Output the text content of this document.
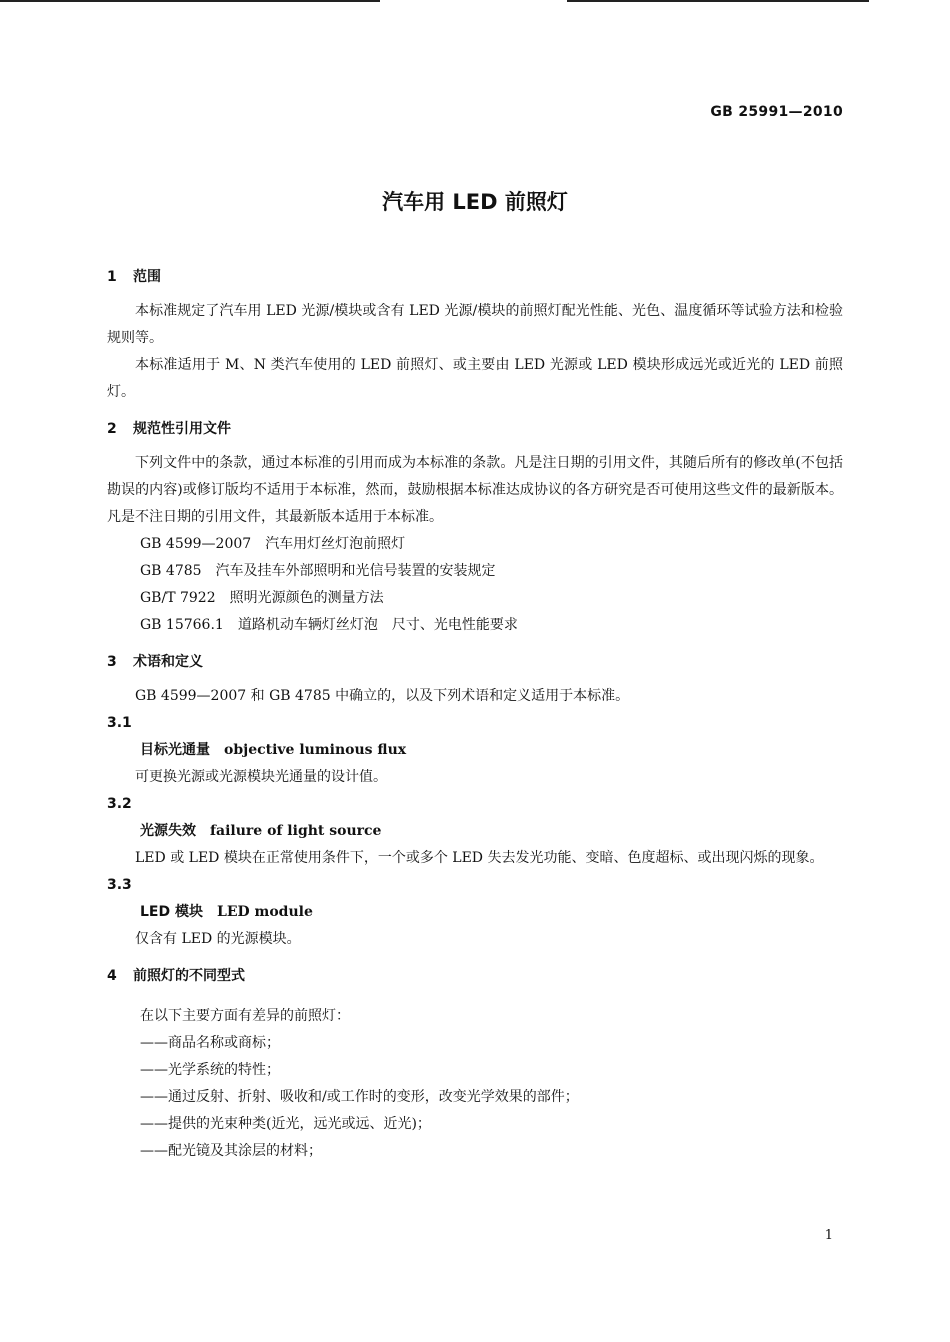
GB 25991—2010
汽车用 LED 前照灯
1 范围

本标准规定了汽车用 LED 光源/模块或含有 LED 光源/模块的前照灯配光性能、光色、温度循环等试验方法和检验规则等。

本标准适用于 M、N 类汽车使用的 LED 前照灯、或主要由 LED 光源或 LED 模块形成远光或近光的 LED 前照灯。

2 规范性引用文件

下列文件中的条款，通过本标准的引用而成为本标准的条款。凡是注日期的引用文件，其随后所有的修改单(不包括勘误的内容)或修订版均不适用于本标准，然而，鼓励根据本标准达成协议的各方研究是否可使用这些文件的最新版本。凡是不注日期的引用文件，其最新版本适用于本标准。

GB 4599—2007 汽车用灯丝灯泡前照灯
GB 4785 汽车及挂车外部照明和光信号装置的安装规定
GB/T 7922 照明光源颜色的测量方法
GB 15766.1 道路机动车辆灯丝灯泡　尺寸、光电性能要求
3 术语和定义

GB 4599—2007 和 GB 4785 中确立的，以及下列术语和定义适用于本标准。

3.1
目标光通量 objective luminous flux

可更换光源或光源模块光通量的设计值。

3.2
光源失效 failure of light source

LED 或 LED 模块在正常使用条件下，一个或多个 LED 失去发光功能、变暗、色度超标、或出现闪烁的现象。

3.3
LED 模块 LED module

仅含有 LED 的光源模块。

4 前照灯的不同型式
在以下主要方面有差异的前照灯：
——商品名称或商标；
——光学系统的特性；
——通过反射、折射、吸收和/或工作时的变形，改变光学效果的部件；
——提供的光束种类(近光，远光或远、近光)；
——配光镜及其涂层的材料；
1
